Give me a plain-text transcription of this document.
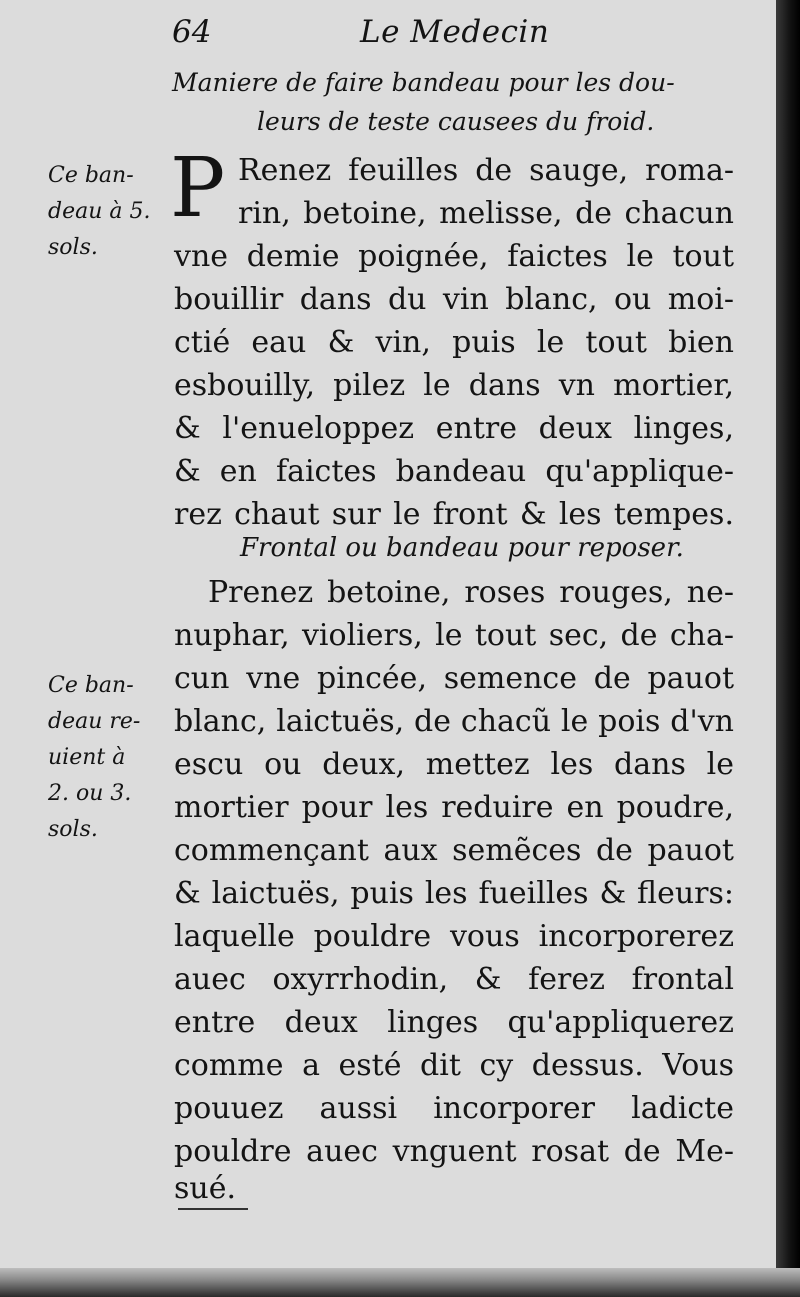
64	Le Medecin
Maniere de faire bandeau pour les dou-
leurs de teste causees du froid.
Ce ban-
deau à 5.
sols.
P Renez feuilles de sauge, roma-
rin, betoine, melisse, de chacun
vne demie poignée, faictes le tout
bouillir dans du vin blanc, ou moi-
ctié eau & vin, puis le tout bien
esbouilly, pilez le dans vn mortier,
& l'enueloppez entre deux linges,
& en faictes bandeau qu'applique-
rez chaut sur le front & les tempes.
Frontal ou bandeau pour reposer.
Ce ban-
deau re-
uient à
2. ou 3.
sols.
Prenez betoine, roses rouges, ne-
nuphar, violiers, le tout sec, de cha-
cun vne pincée, semence de pauot
blanc, laictuës, de chacũ le pois d'vn
escu ou deux, mettez les dans le
mortier pour les reduire en poudre,
commençant aux semẽces de pauot
& laictuës, puis les fueilles & fleurs:
laquelle pouldre vous incorporerez
auec oxyrrhodin, & ferez frontal
entre deux linges qu'appliquerez
comme a esté dit cy dessus. Vous
pouuez aussi incorporer ladicte
pouldre auec vnguent rosat de Me-
sué.
